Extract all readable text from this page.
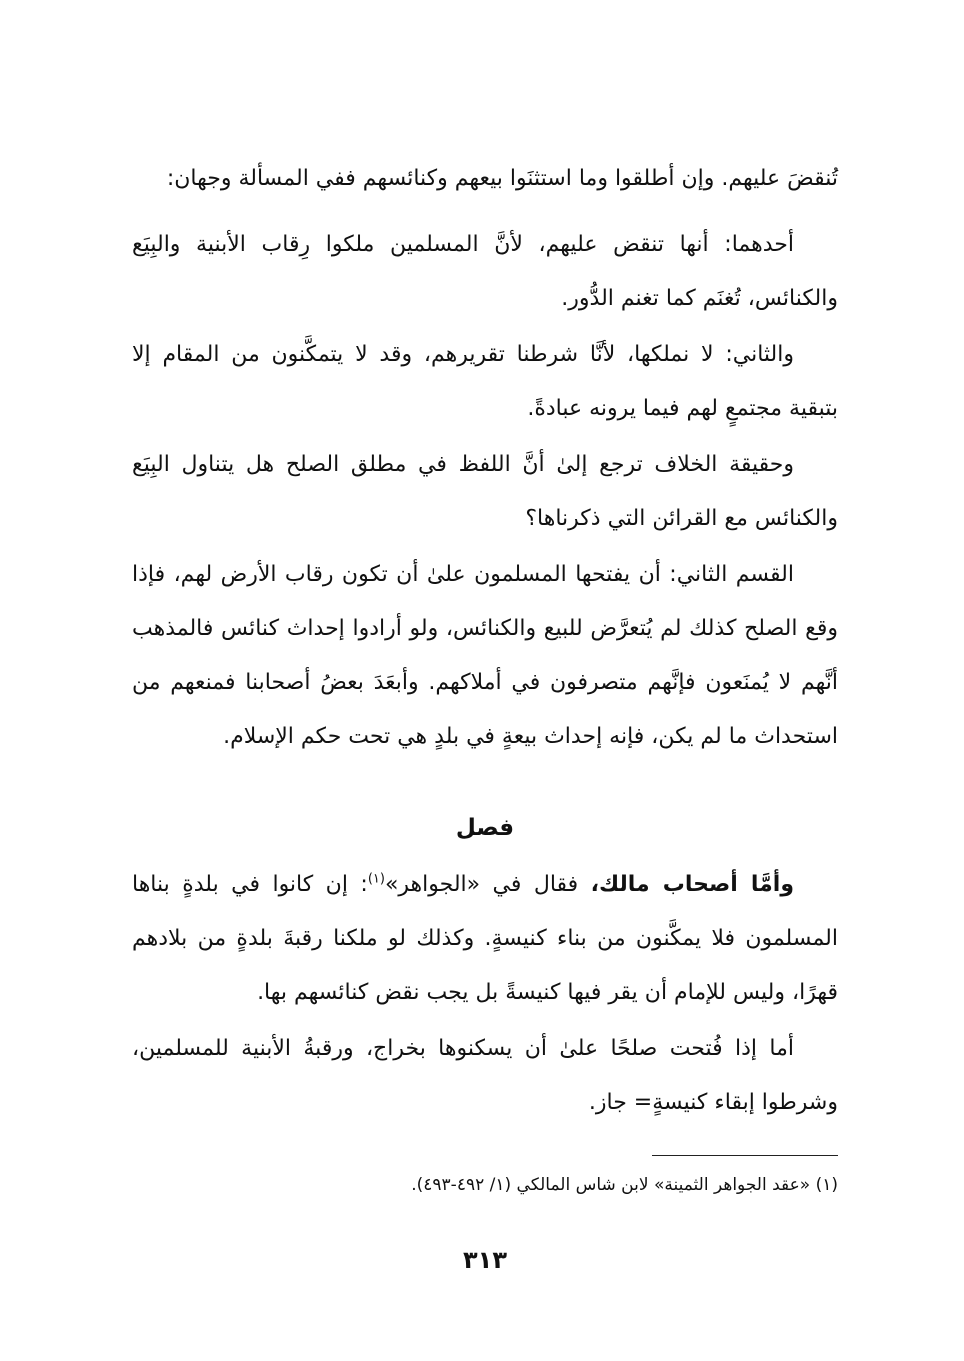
تُنقضَ عليهم. وإن أطلقوا وما استثنَوا بيعهم وكنائسهم ففي المسألة وجهان:

أحدهما: أنها تنقض عليهم، لأنَّ المسلمين ملكوا رِقاب الأبنية والبِيَع والكنائس، تُغنَم كما تغنم الدُّور.

والثاني: لا نملكها، لأنَّا شرطنا تقريرهم، وقد لا يتمكَّنون من المقام إلا بتبقية مجتمعٍ لهم فيما يرونه عبادةً.

وحقيقة الخلاف ترجع إلىٰ أنَّ اللفظ في مطلق الصلح هل يتناول البِيَع والكنائس مع القرائن التي ذكرناها؟

القسم الثاني: أن يفتحها المسلمون علىٰ أن تكون رقاب الأرض لهم، فإذا وقع الصلح كذلك لم يُتعرَّض للبيع والكنائس، ولو أرادوا إحداث كنائس فالمذهب أنَّهم لا يُمنَعون فإنَّهم متصرفون في أملاكهم. وأبعَدَ بعضُ أصحابنا فمنعهم من استحداث ما لم يكن، فإنه إحداث بيعةٍ في بلدٍ هي تحت حكم الإسلام.

فصل

وأمَّا أصحاب مالك، فقال في «الجواهر»$^{(١)}$: إن كانوا في بلدةٍ بناها المسلمون فلا يمكَّنون من بناء كنيسةٍ. وكذلك لو ملكنا رقبةَ بلدةٍ من بلادهم قهرًا، وليس للإمام أن يقر فيها كنيسةً بل يجب نقض كنائسهم بها.

أما إذا فُتحت صلحًا علىٰ أن يسكنوها بخراج، ورقبةُ الأبنية للمسلمين، وشرطوا إبقاء كنيسةٍ= جاز.

(١) «عقد الجواهر الثمينة» لابن شاس المالكي (١/ ٤٩٢-٤٩٣).

٣١٣
